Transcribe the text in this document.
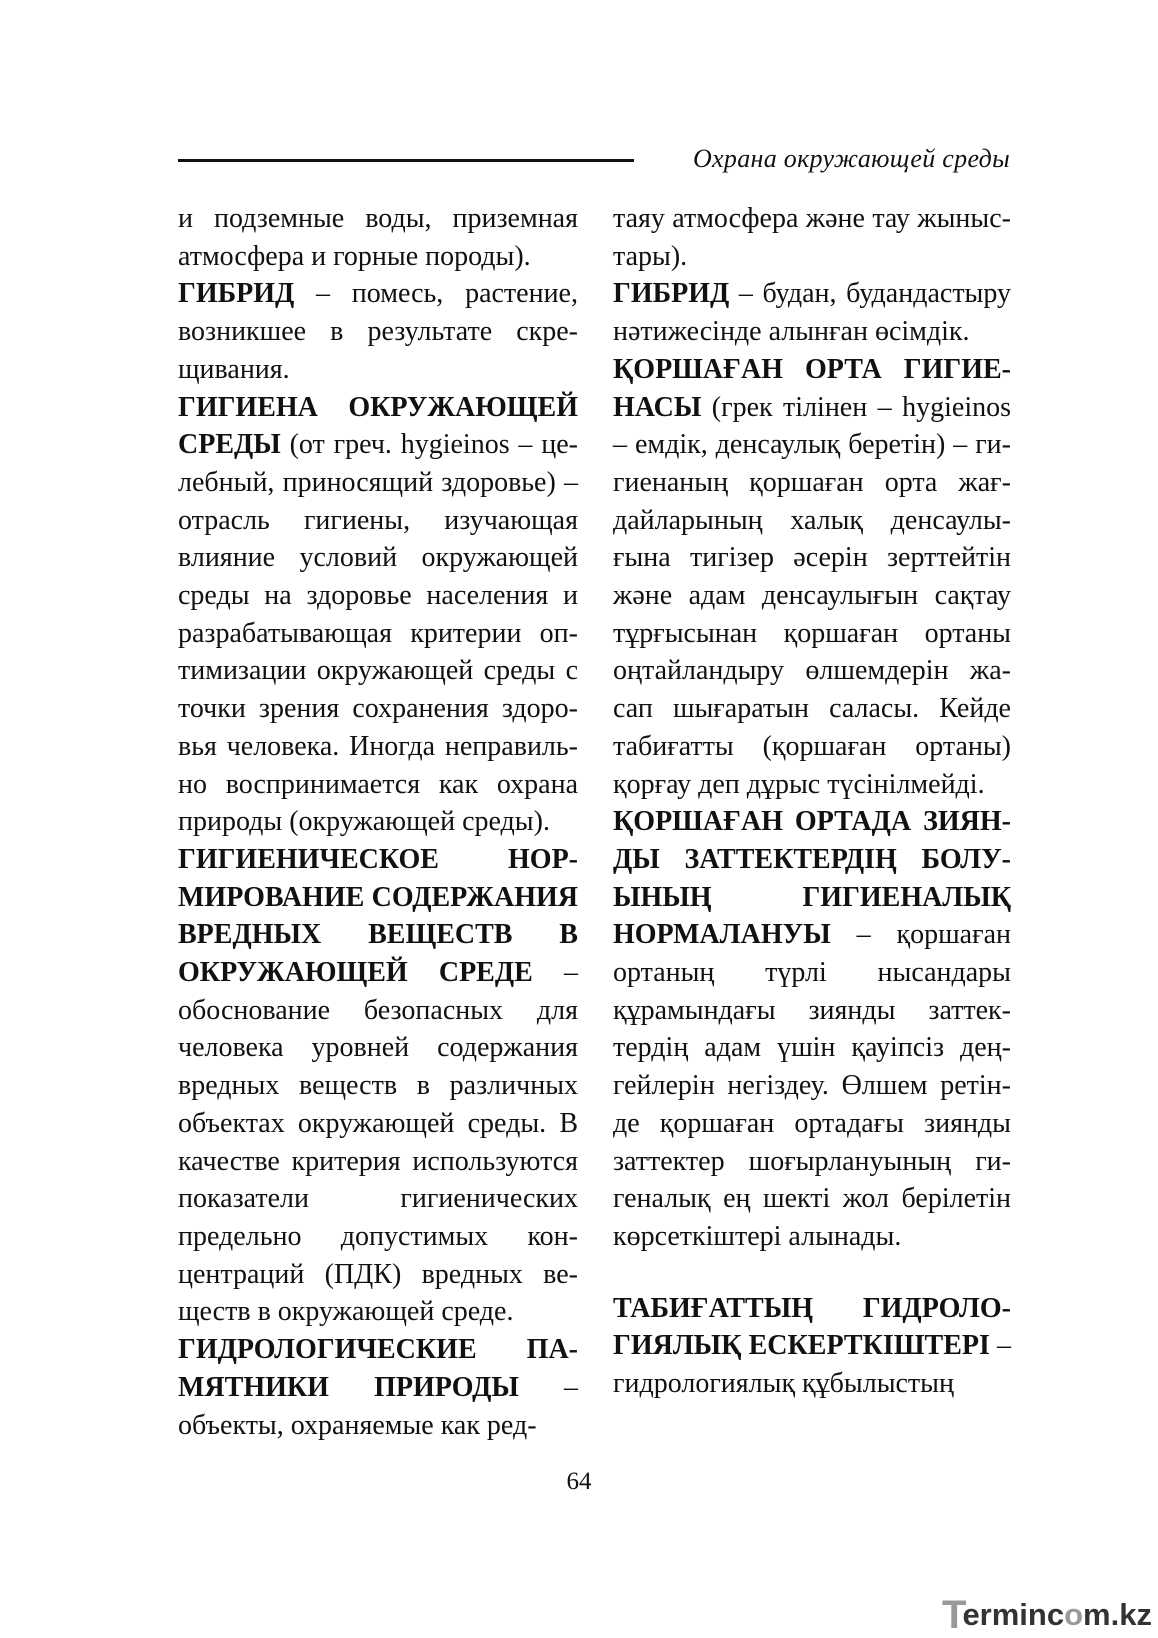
Охрана окружающей среды

и подземные воды, приземная атмосфера и горные породы).

ГИБРИД – помесь, растение, возникшее в результате скрещивания.

ГИГИЕНА ОКРУЖАЮЩЕЙ СРЕДЫ (от греч. hygieinos – целебный, приносящий здоровье) – отрасль гигиены, изучающая влияние условий окружающей среды на здоровье населения и разрабатывающая критерии оптимизации окружающей среды с точки зрения сохранения здоровья человека. Иногда неправильно воспринимается как охрана природы (окружающей среды).

ГИГИЕНИЧЕСКОЕ НОРМИРОВАНИЕ СОДЕРЖАНИЯ ВРЕДНЫХ ВЕЩЕСТВ В ОКРУЖАЮЩЕЙ СРЕДЕ – обоснование безопасных для человека уровней содержания вредных веществ в различных объектах окружающей среды. В качестве критерия используются показатели гигиенических предельно допустимых концентраций (ПДК) вредных веществ в окружающей среде.

ГИДРОЛОГИЧЕСКИЕ ПАМЯТНИКИ ПРИРОДЫ – объекты, охраняемые как ред-

таяу атмосфера және тау жыныстары).

ГИБРИД – будан, будандастыру нәтижесінде алынған өсімдік.

ҚОРШАҒАН ОРТА ГИГИЕНАСЫ (грек тілінен – hygieinos – емдік, денсаулық беретін) – гигиенаның қоршаған орта жағдайларының халық денсаулығына тигізер әсерін зерттейтін және адам денсаулығын сақтау тұрғысынан қоршаған ортаны оңтайландыру өлшемдерін жасап шығаратын саласы. Кейде табиғатты (қоршаған ортаны) қорғау деп дұрыс түсінілмейді.

ҚОРШАҒАН ОРТАДА ЗИЯНДЫ ЗАТТЕКТЕРДІҢ БОЛУЫНЫҢ ГИГИЕНАЛЫҚ НОРМАЛАНУЫ – қоршаған ортаның түрлі нысандары құрамындағы зиянды заттектердің адам үшін қауіпсіз деңгейлерін негіздеу. Өлшем ретінде қоршаған ортадағы зиянды заттектер шоғырлануының гигеналық ең шекті жол берілетін көрсеткіштері алынады.

ТАБИҒАТТЫҢ ГИДРОЛОГИЯЛЫҚ ЕСКЕРТКІШТЕРІ – гидрологиялық құбылыстың

64
Termincom.kz
